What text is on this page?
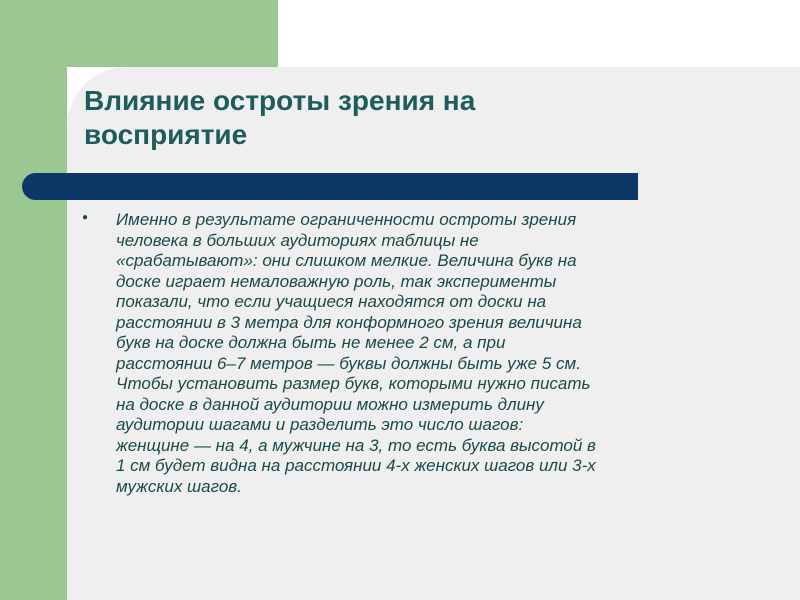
Влияние остроты зрения на
восприятие
● Именно в результате ограниченности остроты зрения
человека в больших аудиториях таблицы не
«срабатывают»: они слишком мелкие. Величина букв на
доске играет немаловажную роль, так эксперименты
показали, что если учащиеся находятся от доски на
расстоянии в 3 метра для конформного зрения величина
букв на доске должна быть не менее 2 см, а при
расстоянии 6–7 метров — буквы должны быть уже 5 см.
Чтобы установить размер букв, которыми нужно писать
на доске в данной аудитории можно измерить длину
аудитории шагами и разделить это число шагов:
женщине — на 4, а мужчине на 3, то есть буква высотой в
1 см будет видна на расстоянии 4-х женских шагов или 3-х
мужских шагов.
